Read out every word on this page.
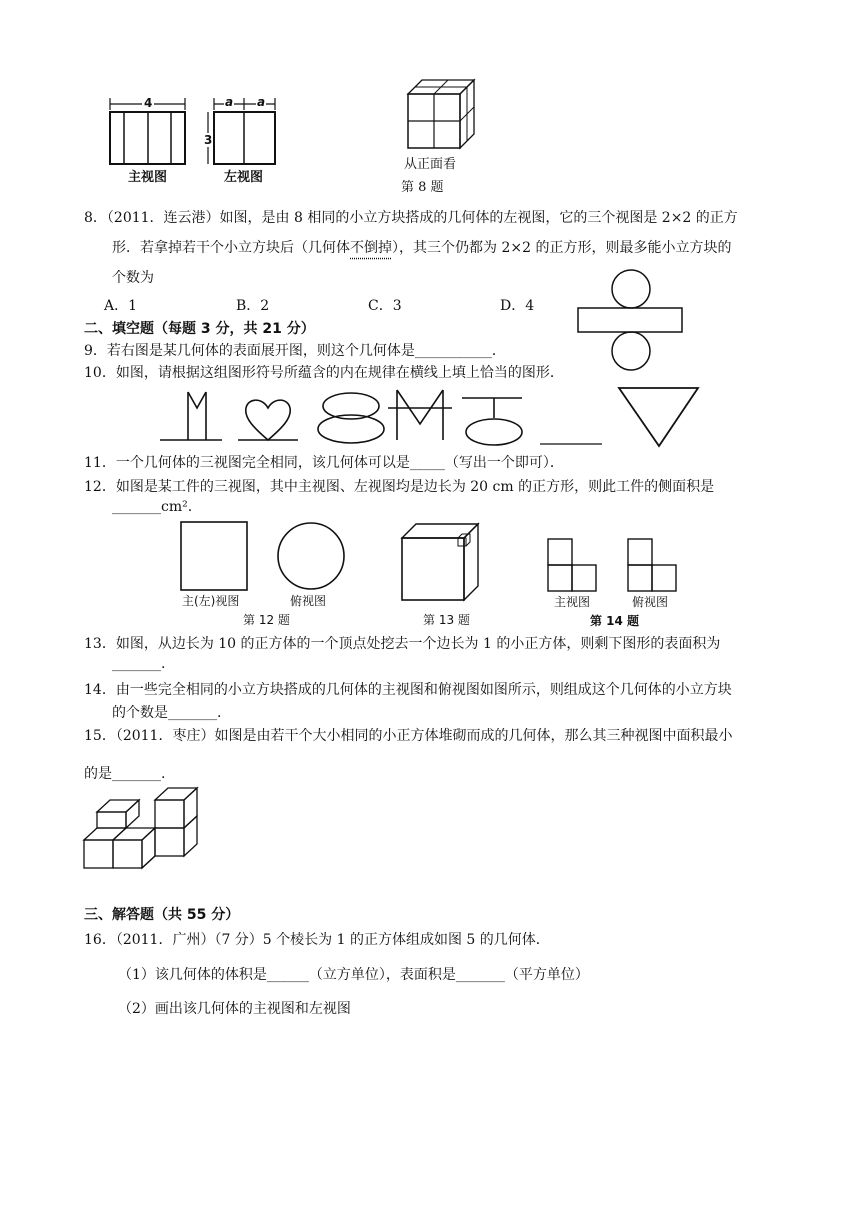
4	a a
3
主视图	左视图
从正面看
第 8 题
8．（2011．连云港）如图，是由 8 相同的小立方块搭成的几何体的左视图，它的三个视图是 2×2 的正方
形．若拿掉若干个小立方块后（几何体不倒掉），其三个仍都为 2×2 的正方形，则最多能小立方块的
个数为
A．1	B．2	C．3	D．4
二、填空题（每题 3 分，共 21 分）
9．若右图是某几何体的表面展开图，则这个几何体是___________．
10．如图，请根据这组图形符号所蕴含的内在规律在横线上填上恰当的图形．
11．一个几何体的三视图完全相同，该几何体可以是_____（写出一个即可）．
12．如图是某工件的三视图，其中主视图、左视图均是边长为 20 cm 的正方形，则此工件的侧面积是
_______cm².
主(左)视图	俯视图
第 12 题	第 13 题
主视图	俯视图
第 14 题
13．如图，从边长为 10 的正方体的一个顶点处挖去一个边长为 1 的小正方体，则剩下图形的表面积为
_______.
14．由一些完全相同的小立方块搭成的几何体的主视图和俯视图如图所示，则组成这个几何体的小立方块
的个数是_______.
15．（2011．枣庄）如图是由若干个大小相同的小正方体堆砌而成的几何体，那么其三种视图中面积最小
的是_______.
三、解答题（共 55 分）
16．（2011．广州）（7 分）5 个棱长为 1 的正方体组成如图 5 的几何体．
（1）该几何体的体积是______（立方单位），表面积是_______（平方单位）
（2）画出该几何体的主视图和左视图
